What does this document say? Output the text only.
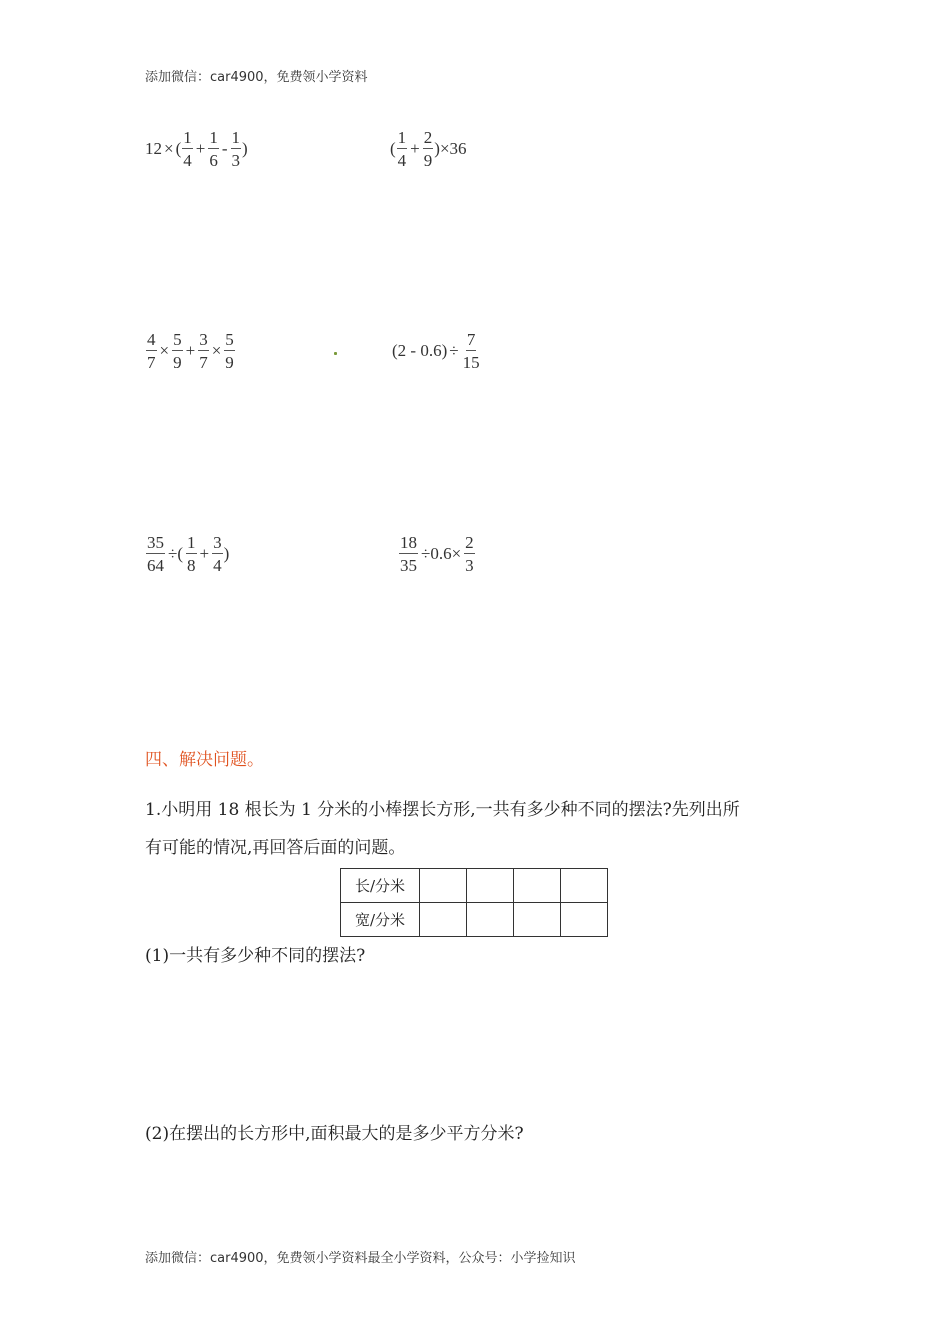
添加微信：car4900，免费领小学资料
12 × ( $\frac{1}{4} + \frac{1}{6} - \frac{1}{3}$ )	( $\frac{1}{4} + \frac{2}{9}$ ) ×36
$\frac{4}{7} \times \frac{5}{9} + \frac{3}{7} \times \frac{5}{9}$	$(2 - 0.6) \div \frac{7}{15}$
$\frac{35}{64}$ ÷( $\frac{1}{8} + \frac{3}{4}$ )	$\frac{18}{35} \div 0.6\times \frac{2}{3}$
四、解决问题。
1.小明用 18 根长为 1 分米的小棒摆长方形,一共有多少种不同的摆法?先列出所
有可能的情况,再回答后面的问题。
长/分米				
宽/分米				
(1)一共有多少种不同的摆法?
(2)在摆出的长方形中,面积最大的是多少平方分米?
添加微信：car4900，免费领小学资料最全小学资料，公众号：小学捡知识
